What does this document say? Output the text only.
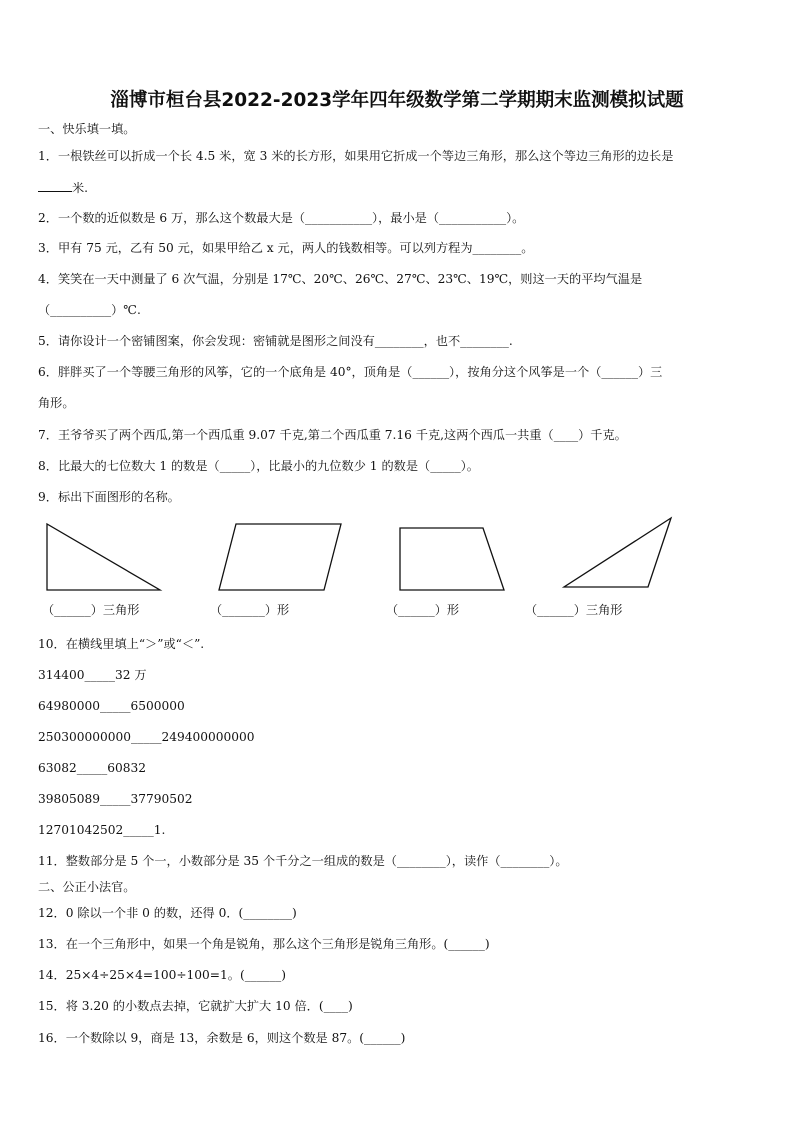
淄博市桓台县2022-2023学年四年级数学第二学期期末监测模拟试题
一、快乐填一填。
1．一根铁丝可以折成一个长 4.5 米，宽 3 米的长方形，如果用它折成一个等边三角形，那么这个等边三角形的边长是
米.
2．一个数的近似数是 6 万，那么这个数最大是（___________），最小是（___________）。
3．甲有 75 元，乙有 50 元，如果甲给乙 x 元，两人的钱数相等。可以列方程为________。
4．笑笑在一天中测量了 6 次气温，分别是 17℃、20℃、26℃、27℃、23℃、19℃，则这一天的平均气温是
（__________）℃.
5．请你设计一个密铺图案，你会发现：密铺就是图形之间没有________，也不________.
6．胖胖买了一个等腰三角形的风筝，它的一个底角是 40°，顶角是（______），按角分这个风筝是一个（______）三
角形。
7．王爷爷买了两个西瓜,第一个西瓜重 9.07 千克,第二个西瓜重 7.16 千克,这两个西瓜一共重（____）千克。
8．比最大的七位数大 1 的数是（_____），比最小的九位数少 1 的数是（_____）。
9．标出下面图形的名称。
（______）三角形	（_______）形	（______）形	（______）三角形
10．在横线里填上“＞”或“＜”.
314400_____32 万
64980000_____6500000
250300000000_____249400000000
63082_____60832
39805089_____37790502
12701042502_____1.
11．整数部分是 5 个一，小数部分是 35 个千分之一组成的数是（________），读作（________）。
二、公正小法官。
12．0 除以一个非 0 的数，还得 0．(________)
13．在一个三角形中，如果一个角是锐角，那么这个三角形是锐角三角形。(______)
14．25×4÷25×4=100÷100=1。(______)
15．将 3.20 的小数点去掉，它就扩大扩大 10 倍．(____)
16．一个数除以 9，商是 13，余数是 6，则这个数是 87。(______)
